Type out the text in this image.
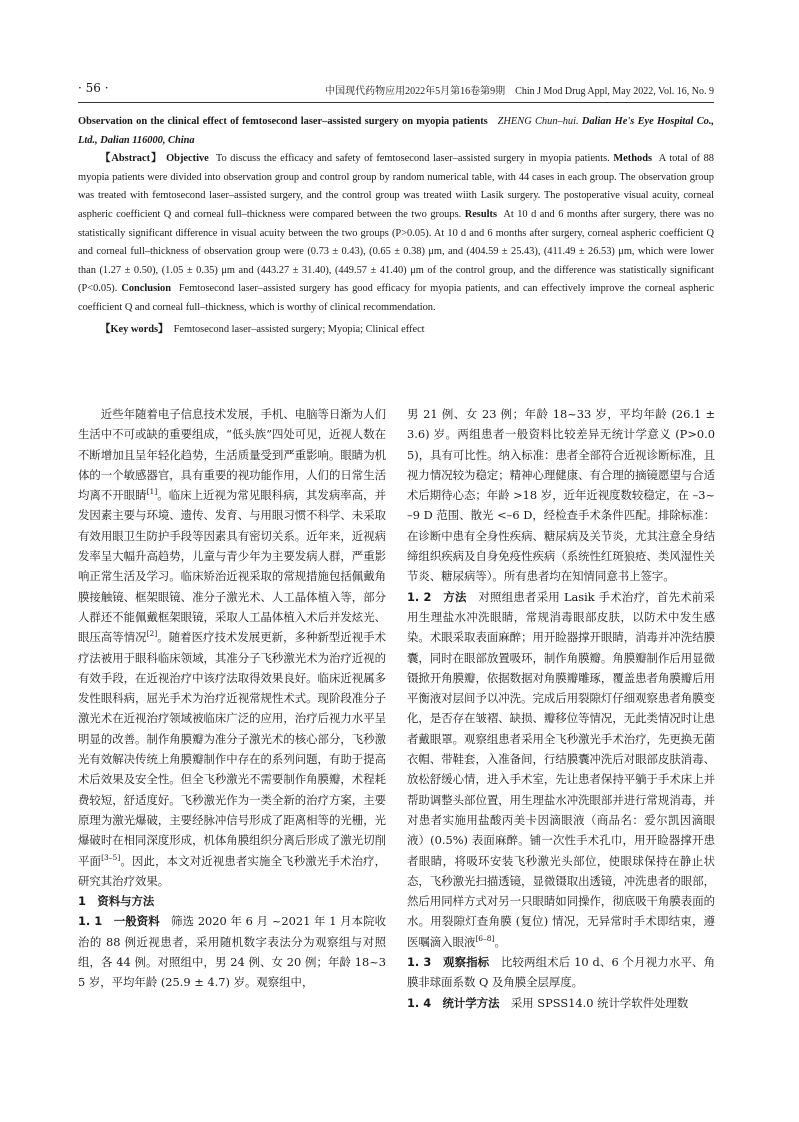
· 56 ·	中国现代药物应用2022年5月第16卷第9期　Chin J Mod Drug Appl, May 2022, Vol. 16, No. 9
Observation on the clinical effect of femtosecond laser–assisted surgery on myopia patients ZHENG Chun–hui. Dalian He's Eye Hospital Co., Ltd., Dalian 116000, China

【Abstract】 Objective To discuss the efficacy and safety of femtosecond laser–assisted surgery in myopia patients. Methods A total of 88 myopia patients were divided into observation group and control group by random numerical table, with 44 cases in each group. The observation group was treated with femtosecond laser–assisted surgery, and the control group was treated wiith Lasik surgery. The postoperative visual acuity, corneal aspheric coefficient Q and corneal full–thickness were compared between the two groups. Results At 10 d and 6 months after surgery, there was no statistically significant difference in visual acuity between the two groups (P>0.05). At 10 d and 6 months after surgery, corneal aspheric coefficient Q and corneal full–thickness of observation group were (0.73 ± 0.43), (0.65 ± 0.38) μm, and (404.59 ± 25.43), (411.49 ± 26.53) μm, which were lower than (1.27 ± 0.50), (1.05 ± 0.35) μm and (443.27 ± 31.40), (449.57 ± 41.40) μm of the control group, and the difference was statistically significant (P<0.05). Conclusion Femtosecond laser–assisted surgery has good efficacy for myopia patients, and can effectively improve the corneal aspheric coefficient Q and corneal full–thickness, which is worthy of clinical recommendation.

【Key words】 Femtosecond laser–assisted surgery; Myopia; Clinical effect

近些年随着电子信息技术发展，手机、电脑等日渐为人们生活中不可或缺的重要组成，“低头族”四处可见，近视人数在不断增加且呈年轻化趋势，生活质量受到严重影响。眼睛为机体的一个敏感器官，具有重要的视功能作用，人们的日常生活均离不开眼睛[1]。临床上近视为常见眼科病，其发病率高，并发因素主要与环境、遗传、发育、与用眼习惯不科学、未采取有效用眼卫生防护手段等因素具有密切关系。近年来，近视病发率呈大幅升高趋势，儿童与青少年为主要发病人群，严重影响正常生活及学习。临床矫治近视采取的常规措施包括佩戴角膜接触镜、框架眼镜、准分子激光术、人工晶体植入等，部分人群还不能佩戴框架眼镜，采取人工晶体植入术后并发炫光、眼压高等情况[2]。随着医疗技术发展更新，多种新型近视手术疗法被用于眼科临床领域，其准分子飞秒激光术为治疗近视的有效手段，在近视治疗中该疗法取得效果良好。临床近视属多发性眼科病，屈光手术为治疗近视常规性术式。现阶段准分子激光术在近视治疗领域被临床广泛的应用，治疗后视力水平呈明显的改善。制作角膜瓣为准分子激光术的核心部分，飞秒激光有效解决传统上角膜瓣制作中存在的系列问题，有助于提高术后效果及安全性。但全飞秒激光不需要制作角膜瓣，术程耗费较短，舒适度好。飞秒激光作为一类全新的治疗方案，主要原理为激光爆破，主要经脉冲信号形成了距离相等的光栅，光爆破时在相同深度形成，机体角膜组织分离后形成了激光切削平面[3–5]。因此，本文对近视患者实施全飞秒激光手术治疗，研究其治疗效果。

1　资料与方法

1. 1　一般资料　筛选 2020 年 6 月 ~2021 年 1 月本院收治的 88 例近视患者，采用随机数字表法分为观察组与对照组，各 44 例。对照组中，男 24 例、女 20 例；年龄 18~35 岁，平均年龄 (25.9 ± 4.7) 岁。观察组中，

男 21 例、女 23 例；年龄 18~33 岁，平均年龄 (26.1 ± 3.6) 岁。两组患者一般资料比较差异无统计学意义 (P>0.05)，具有可比性。纳入标准：患者全部符合近视诊断标准，且视力情况较为稳定；精神心理健康、有合理的摘镜愿望与合适术后期待心态；年龄 >18 岁，近年近视度数较稳定，在 –3~–9 D 范围、散光 <–6 D，经检查手术条件匹配。排除标准：在诊断中患有全身性疾病、糖尿病及关节炎，尤其注意全身结缔组织疾病及自身免疫性疾病（系统性红斑狼疮、类风湿性关节炎、糖尿病等）。所有患者均在知情同意书上签字。

1. 2　方法　对照组患者采用 Lasik 手术治疗，首先术前采用生理盐水冲洗眼睛，常规消毒眼部皮肤，以防术中发生感染。术眼采取表面麻醉；用开睑器撑开眼睛，消毒并冲洗结膜囊，同时在眼部放置吸环，制作角膜瓣。角膜瓣制作后用显微镊掀开角膜瓣，依据数据对角膜瓣雕琢，覆盖患者角膜瓣后用平衡液对层间予以冲洗。完成后用裂隙灯仔细观察患者角膜变化，是否存在皱褶、缺损、瓣移位等情况，无此类情况时让患者戴眼罩。观察组患者采用全飞秒激光手术治疗，先更换无菌衣帽、带鞋套，入准备间，行结膜囊冲洗后对眼部皮肤消毒、放松舒缓心情，进入手术室，先让患者保持平躺于手术床上并帮助调整头部位置，用生理盐水冲洗眼部并进行常规消毒，并对患者实施用盐酸丙美卡因滴眼液（商品名：爱尔凯因滴眼液）(0.5%) 表面麻醉。铺一次性手术孔巾，用开睑器撑开患者眼睛，将吸环安装飞秒激光头部位，使眼球保持在静止状态，飞秒激光扫描透镜，显微镊取出透镜，冲洗患者的眼部，然后用同样方式对另一只眼睛如同操作，彻底吸干角膜表面的水。用裂隙灯查角膜 (复位) 情况，无异常时手术即结束，遵医嘱滴入眼液[6–8]。

1. 3　观察指标　比较两组术后 10 d、6 个月视力水平、角膜非球面系数 Q 及角膜全层厚度。

1. 4　统计学方法　采用 SPSS14.0 统计学软件处理数
